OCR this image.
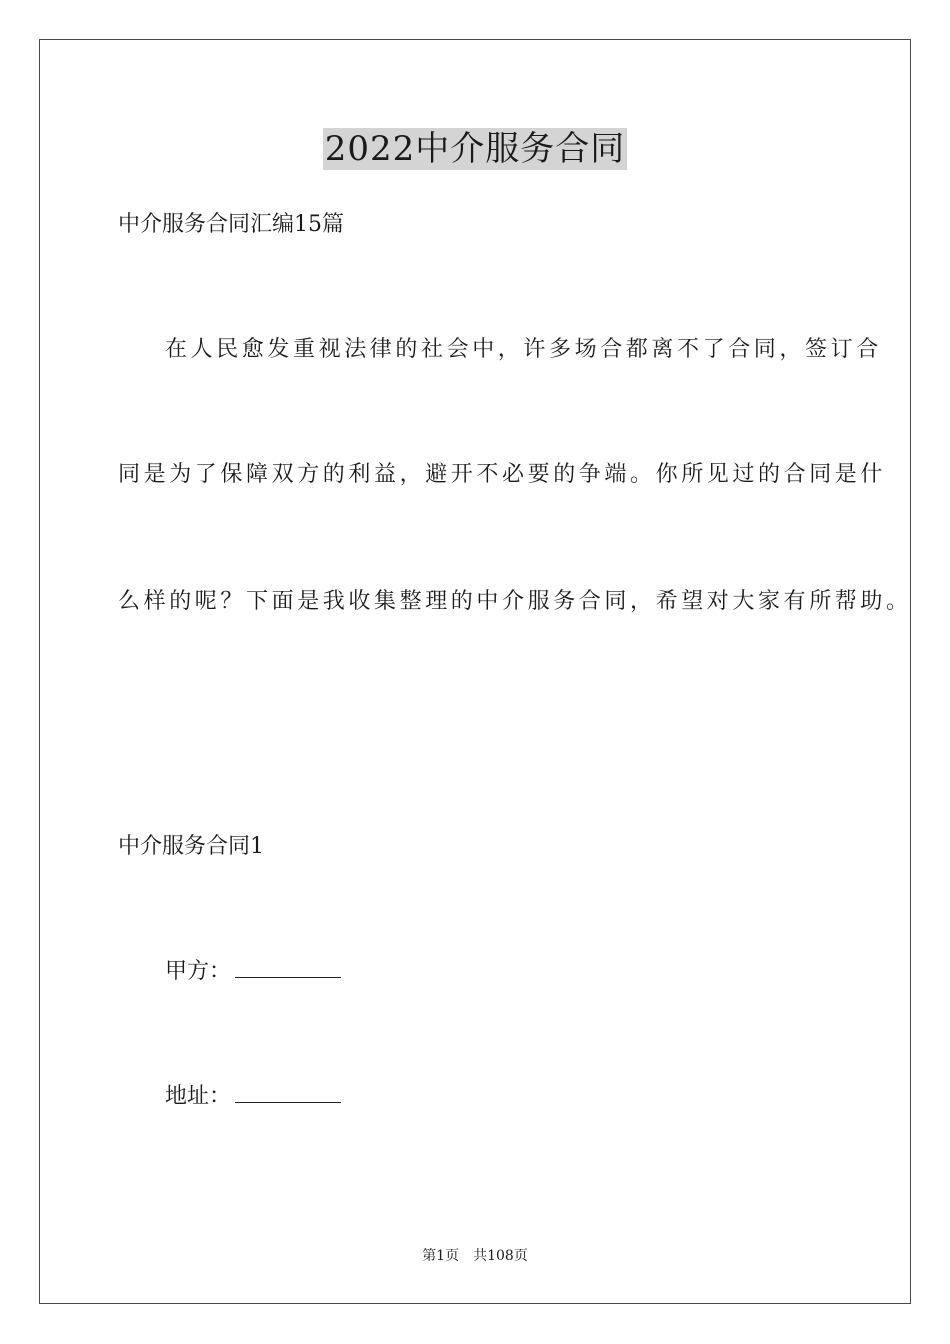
2022中介服务合同
中介服务合同汇编15篇
在人民愈发重视法律的社会中，许多场合都离不了合同，签订合
同是为了保障双方的利益，避开不必要的争端。你所见过的合同是什
么样的呢？下面是我收集整理的中介服务合同，希望对大家有所帮助。
中介服务合同1
甲方：
地址：
第1页 共108页
